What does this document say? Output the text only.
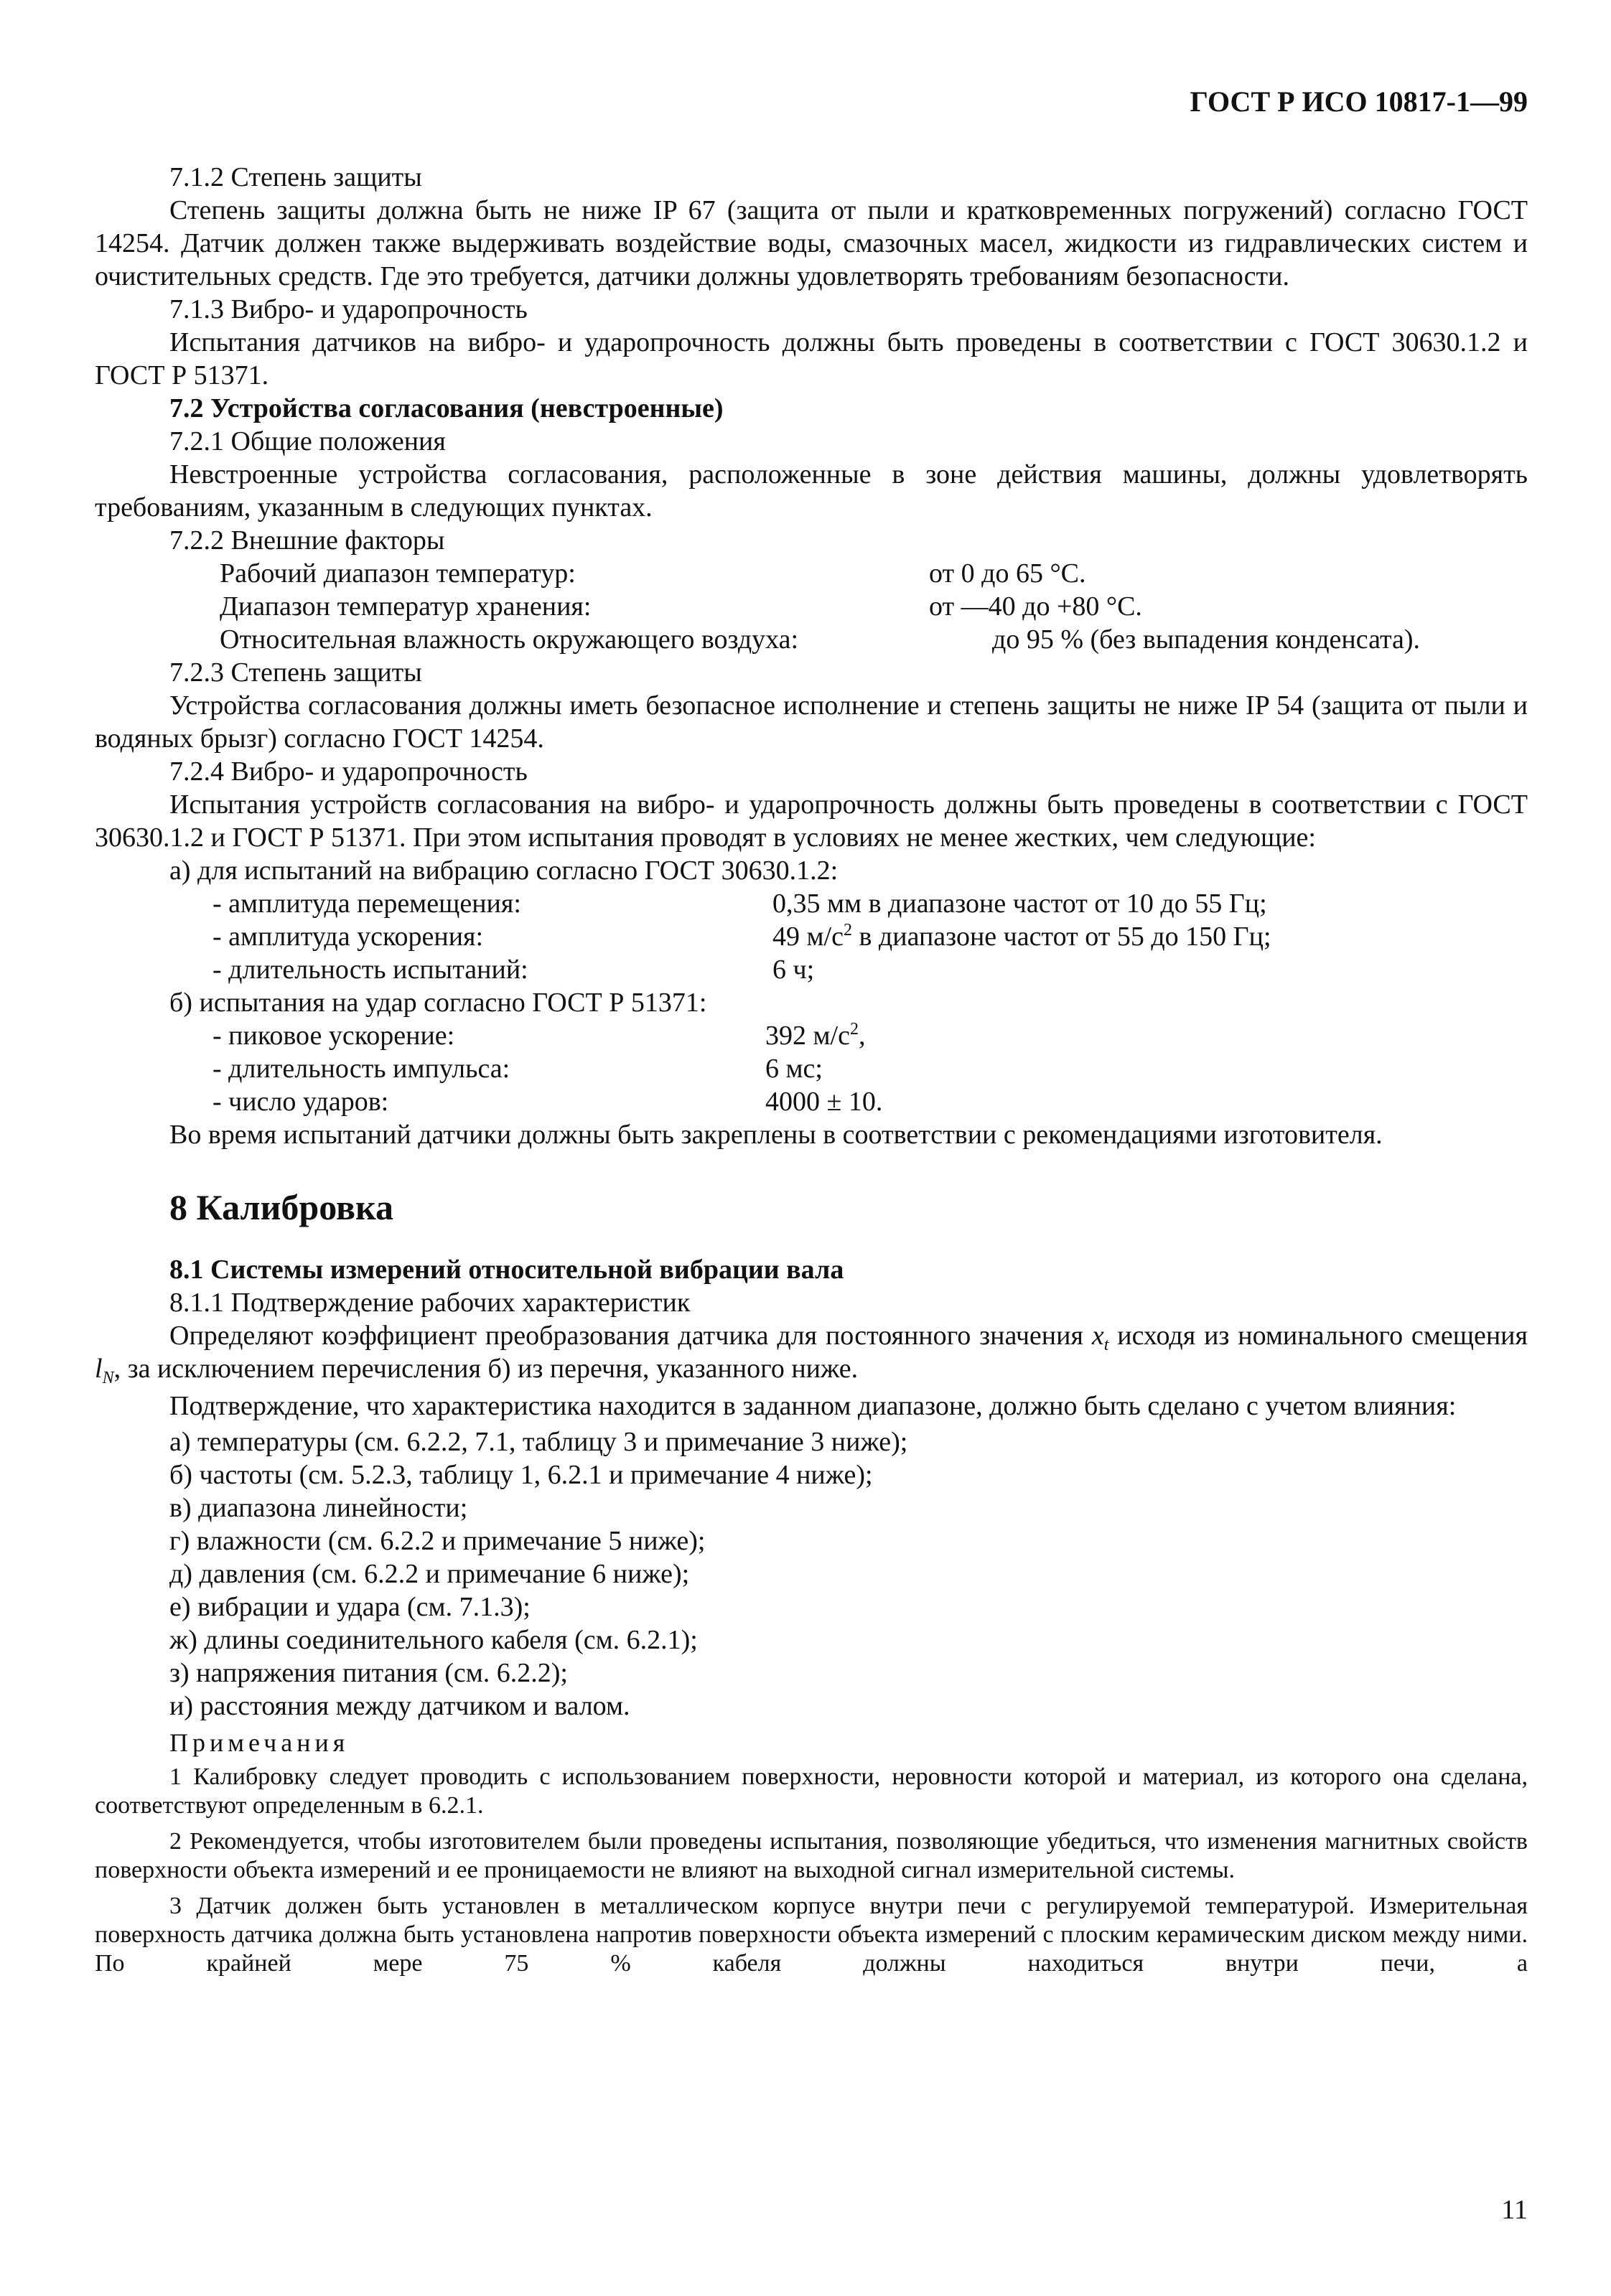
ГОСТ Р ИСО 10817-1—99

7.1.2 Степень защиты

Степень защиты должна быть не ниже IP 67 (защита от пыли и кратковременных погружений) согласно ГОСТ 14254. Датчик должен также выдерживать воздействие воды, смазочных масел, жидкости из гидравлических систем и очистительных средств. Где это требуется, датчики должны удовлетворять требованиям безопасности.

7.1.3 Вибро- и ударопрочность

Испытания датчиков на вибро- и ударопрочность должны быть проведены в соответствии с ГОСТ 30630.1.2 и ГОСТ Р 51371.

7.2 Устройства согласования (невстроенные)

7.2.1 Общие положения

Невстроенные устройства согласования, расположенные в зоне действия машины, должны удовлетворять требованиям, указанным в следующих пунктах.

7.2.2 Внешние факторы

Рабочий диапазон температур:	от 0 до 65 °С.
Диапазон температур хранения:	от —40 до +80 °С.
Относительная влажность окружающего воздуха:	до 95 % (без выпадения конденсата).

7.2.3 Степень защиты

Устройства согласования должны иметь безопасное исполнение и степень защиты не ниже IP 54 (защита от пыли и водяных брызг) согласно ГОСТ 14254.

7.2.4 Вибро- и ударопрочность

Испытания устройств согласования на вибро- и ударопрочность должны быть проведены в соответствии с ГОСТ 30630.1.2 и ГОСТ Р 51371. При этом испытания проводят в условиях не менее жестких, чем следующие:

а) для испытаний на вибрацию согласно ГОСТ 30630.1.2:

- амплитуда перемещения:	0,35 мм в диапазоне частот от 10 до 55 Гц;
- амплитуда ускорения:	49 $м/с^2$ в диапазоне частот от 55 до 150 Гц;
- длительность испытаний:	6 ч;

б) испытания на удар согласно ГОСТ Р 51371:

- пиковое ускорение:	392 $м/с^2$,
- длительность импульса:	6 мс;
- число ударов:	4000 ± 10.

Во время испытаний датчики должны быть закреплены в соответствии с рекомендациями изготовителя.

8 Калибровка

8.1 Системы измерений относительной вибрации вала

8.1.1 Подтверждение рабочих характеристик

Определяют коэффициент преобразования датчика для постоянного значения $x_t$ исходя из номинального смещения $l_N$, за исключением перечисления б) из перечня, указанного ниже.

Подтверждение, что характеристика находится в заданном диапазоне, должно быть сделано с учетом влияния:

а) температуры (см. 6.2.2, 7.1, таблицу 3 и примечание 3 ниже);

б) частоты (см. 5.2.3, таблицу 1, 6.2.1 и примечание 4 ниже);

в) диапазона линейности;

г) влажности (см. 6.2.2 и примечание 5 ниже);

д) давления (см. 6.2.2 и примечание 6 ниже);

е) вибрации и удара (см. 7.1.3);

ж) длины соединительного кабеля (см. 6.2.1);

з) напряжения питания (см. 6.2.2);

и) расстояния между датчиком и валом.

Примечания

1 Калибровку следует проводить с использованием поверхности, неровности которой и материал, из которого она сделана, соответствуют определенным в 6.2.1.

2 Рекомендуется, чтобы изготовителем были проведены испытания, позволяющие убедиться, что изменения магнитных свойств поверхности объекта измерений и ее проницаемости не влияют на выходной сигнал измерительной системы.

3 Датчик должен быть установлен в металлическом корпусе внутри печи с регулируемой температурой. Измерительная поверхность датчика должна быть установлена напротив поверхности объекта измерений с плоским керамическим диском между ними. По крайней мере 75 % кабеля должны находиться внутри печи, а

11
